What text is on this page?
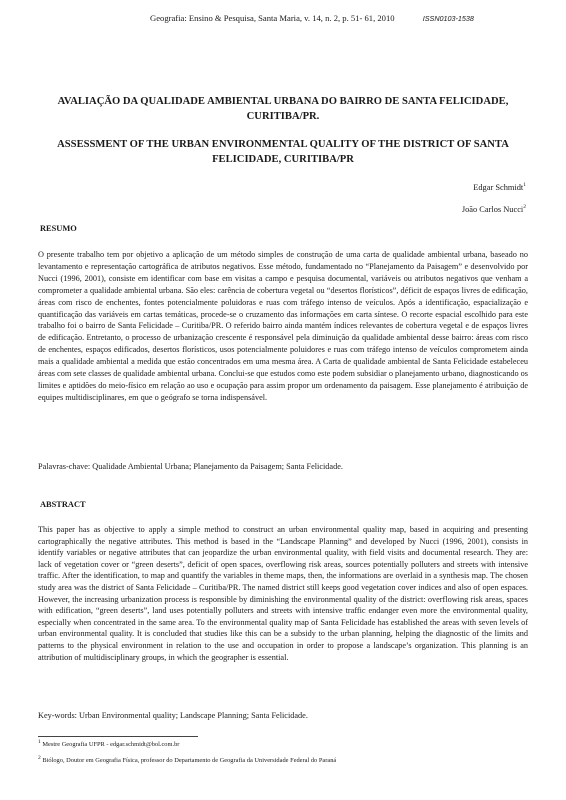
Geografia: Ensino & Pesquisa, Santa Maria, v. 14, n. 2, p. 51- 61, 2010	ISSN0103-1538
AVALIAÇÃO DA QUALIDADE AMBIENTAL URBANA DO BAIRRO DE SANTA FELICIDADE, CURITIBA/PR.
ASSESSMENT OF THE URBAN ENVIRONMENTAL QUALITY OF THE DISTRICT OF SANTA FELICIDADE, CURITIBA/PR
Edgar Schmidt$^1$
João Carlos Nucci$^2$
RESUMO

O presente trabalho tem por objetivo a aplicação de um método simples de construção de uma carta de qualidade ambiental urbana, baseado no levantamento e representação cartográfica de atributos negativos. Esse método, fundamentado no “Planejamento da Paisagem” e desenvolvido por Nucci (1996, 2001), consiste em identificar com base em visitas a campo e pesquisa documental, variáveis ou atributos negativos que venham a comprometer a qualidade ambiental urbana. São eles: carência de cobertura vegetal ou “desertos florísticos”, déficit de espaços livres de edificação, áreas com risco de enchentes, fontes potencialmente poluidoras e ruas com tráfego intenso de veículos. Após a identificação, espacialização e quantificação das variáveis em cartas temáticas, procede-se o cruzamento das informações em carta síntese. O recorte espacial escolhido para este trabalho foi o bairro de Santa Felicidade – Curitiba/PR. O referido bairro ainda mantém índices relevantes de cobertura vegetal e de espaços livres de edificação. Entretanto, o processo de urbanização crescente é responsável pela diminuição da qualidade ambiental desse bairro: áreas com risco de enchentes, espaços edificados, desertos florísticos, usos potencialmente poluidores e ruas com tráfego intenso de veículos comprometem ainda mais a qualidade ambiental a medida que estão concentrados em uma mesma área. A Carta de qualidade ambiental de Santa Felicidade estabeleceu áreas com sete classes de qualidade ambiental urbana. Conclui-se que estudos como este podem subsidiar o planejamento urbano, diagnosticando os limites e aptidões do meio-físico em relação ao uso e ocupação para assim propor um ordenamento da paisagem. Esse planejamento é atribuição de equipes multidisciplinares, em que o geógrafo se torna indispensável.

Palavras-chave: Qualidade Ambiental Urbana; Planejamento da Paisagem; Santa Felicidade.

ABSTRACT

This paper has as objective to apply a simple method to construct an urban environmental quality map, based in acquiring and presenting cartographically the negative attributes. This method is based in the “Landscape Planning” and developed by Nucci (1996, 2001), consists in identify variables or negative attributes that can jeopardize the urban environmental quality, with field visits and documental research. They are: lack of vegetation cover or “green deserts”, deficit of open spaces, overflowing risk areas, sources potentially polluters and streets with intensive traffic. After the identification, to map and quantify the variables in theme maps, then, the informations are overlaid in a synthesis map. The chosen study area was the district of Santa Felicidade – Curitiba/PR. The named district still keeps good vegetation cover indices and also of open espaces. However, the increasing urbanization process is responsible by diminishing the environmental quality of the district: overflowing risk areas, spaces with edification, “green deserts”, land uses potentially polluters and streets with intensive traffic endanger even more the environmental quality, especially when concentrated in the same area. To the environmental quality map of Santa Felicidade has established the areas with seven levels of urban environmental quality. It is concluded that studies like this can be a subsidy to the urban planning, helping the diagnostic of the limits and patterns to the physical environment in relation to the use and occupation in order to propose a landscape’s organization. This planning is an attribution of multidisciplinary groups, in which the geographer is essential.

Key-words: Urban Environmental quality; Landscape Planning; Santa Felicidade.

$^1$ Mestre Geografia UFPR - edgar.schmidt@bol.com.br
$^2$ Biólogo, Doutor em Geografia Física, professor do Departamento de Geografia da Universidade Federal do Paraná
